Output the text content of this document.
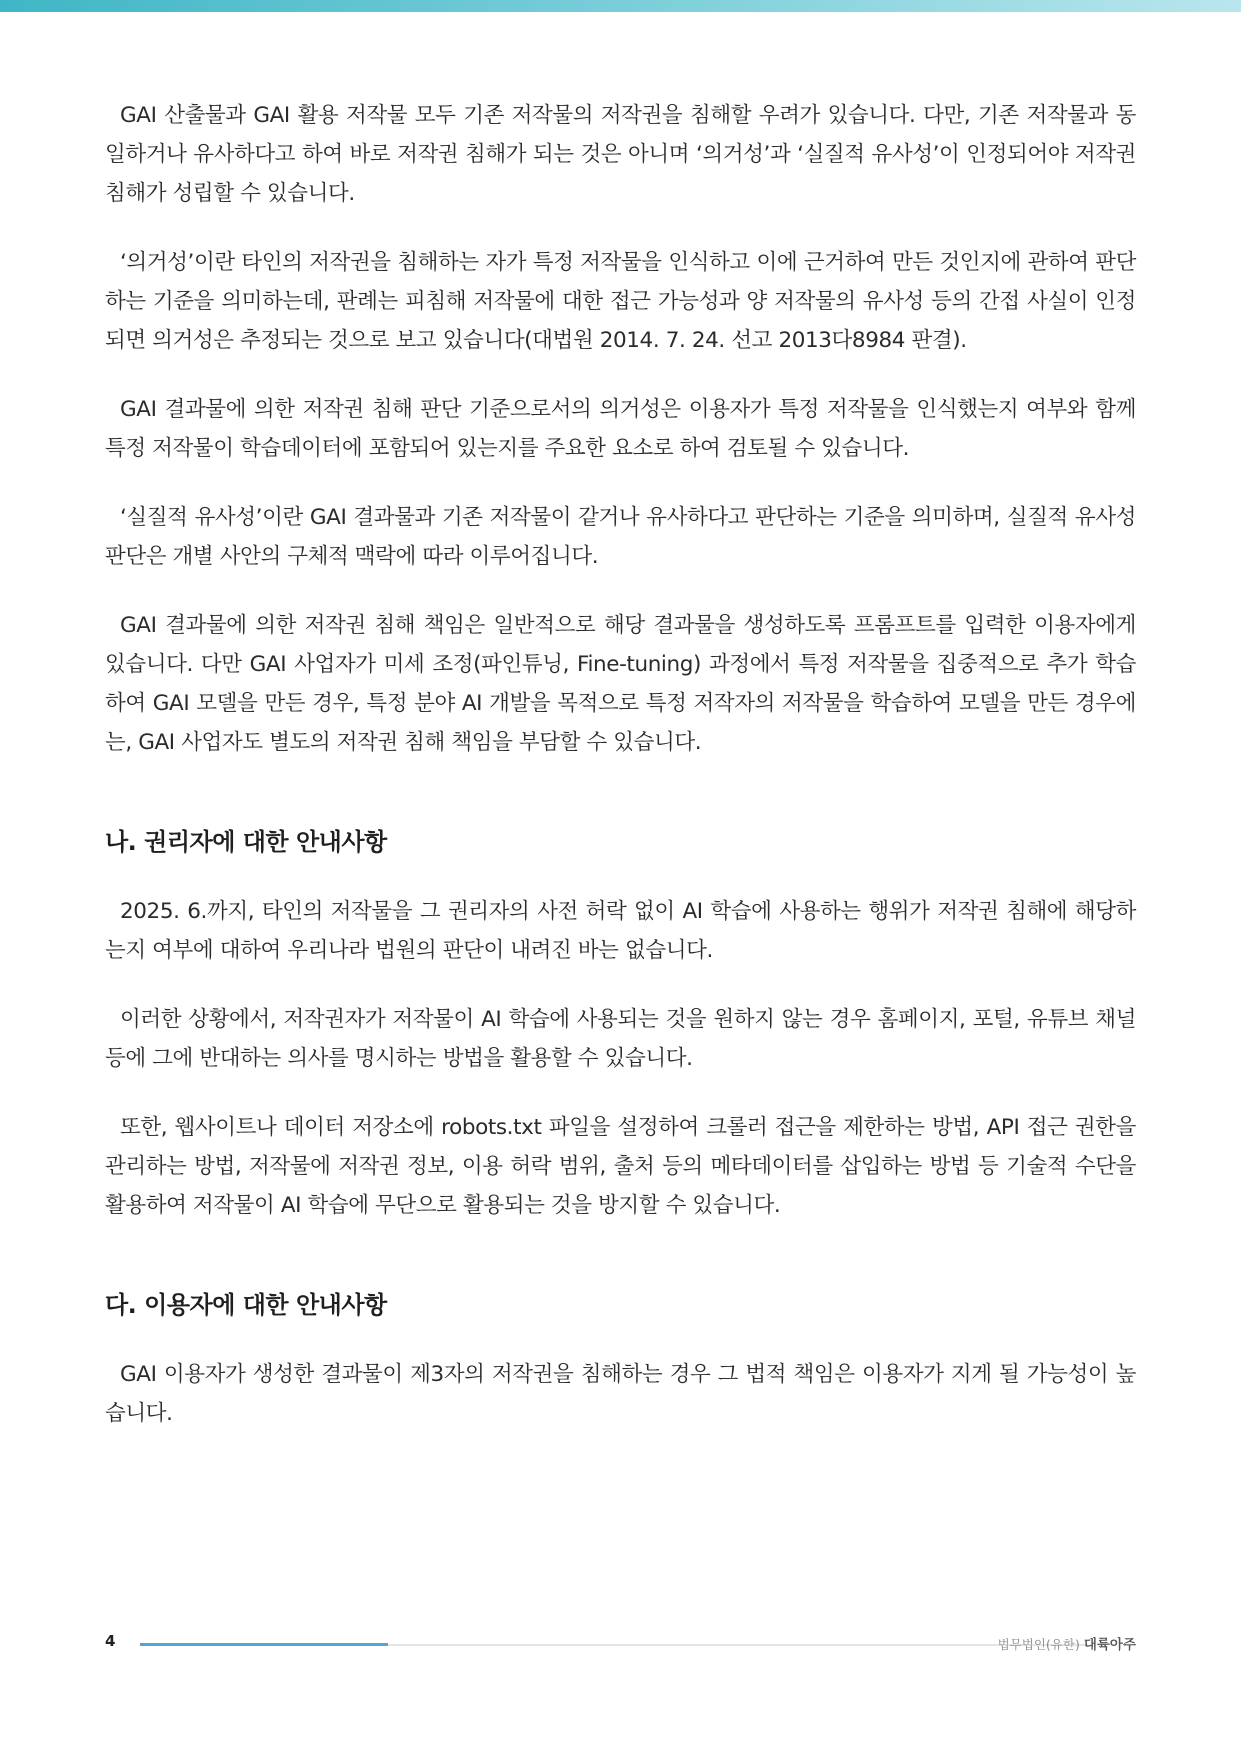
GAI 산출물과 GAI 활용 저작물 모두 기존 저작물의 저작권을 침해할 우려가 있습니다. 다만, 기존 저작물과 동일하거나 유사하다고 하여 바로 저작권 침해가 되는 것은 아니며 ‘의거성’과 ‘실질적 유사성’이 인정되어야 저작권 침해가 성립할 수 있습니다.

‘의거성’이란 타인의 저작권을 침해하는 자가 특정 저작물을 인식하고 이에 근거하여 만든 것인지에 관하여 판단하는 기준을 의미하는데, 판례는 피침해 저작물에 대한 접근 가능성과 양 저작물의 유사성 등의 간접 사실이 인정되면 의거성은 추정되는 것으로 보고 있습니다(대법원 2014. 7. 24. 선고 2013다8984 판결).

GAI 결과물에 의한 저작권 침해 판단 기준으로서의 의거성은 이용자가 특정 저작물을 인식했는지 여부와 함께 특정 저작물이 학습데이터에 포함되어 있는지를 주요한 요소로 하여 검토될 수 있습니다.

‘실질적 유사성’이란 GAI 결과물과 기존 저작물이 같거나 유사하다고 판단하는 기준을 의미하며, 실질적 유사성 판단은 개별 사안의 구체적 맥락에 따라 이루어집니다.

GAI 결과물에 의한 저작권 침해 책임은 일반적으로 해당 결과물을 생성하도록 프롬프트를 입력한 이용자에게 있습니다. 다만 GAI 사업자가 미세 조정(파인튜닝, Fine-tuning) 과정에서 특정 저작물을 집중적으로 추가 학습하여 GAI 모델을 만든 경우, 특정 분야 AI 개발을 목적으로 특정 저작자의 저작물을 학습하여 모델을 만든 경우에는, GAI 사업자도 별도의 저작권 침해 책임을 부담할 수 있습니다.

나. 권리자에 대한 안내사항

2025. 6.까지, 타인의 저작물을 그 권리자의 사전 허락 없이 AI 학습에 사용하는 행위가 저작권 침해에 해당하는지 여부에 대하여 우리나라 법원의 판단이 내려진 바는 없습니다.

이러한 상황에서, 저작권자가 저작물이 AI 학습에 사용되는 것을 원하지 않는 경우 홈페이지, 포털, 유튜브 채널 등에 그에 반대하는 의사를 명시하는 방법을 활용할 수 있습니다.

또한, 웹사이트나 데이터 저장소에 robots.txt 파일을 설정하여 크롤러 접근을 제한하는 방법, API 접근 권한을 관리하는 방법, 저작물에 저작권 정보, 이용 허락 범위, 출처 등의 메타데이터를 삽입하는 방법 등 기술적 수단을 활용하여 저작물이 AI 학습에 무단으로 활용되는 것을 방지할 수 있습니다.

다. 이용자에 대한 안내사항

GAI 이용자가 생성한 결과물이 제3자의 저작권을 침해하는 경우 그 법적 책임은 이용자가 지게 될 가능성이 높습니다.

4	법무법인(유한) 대륙아주
